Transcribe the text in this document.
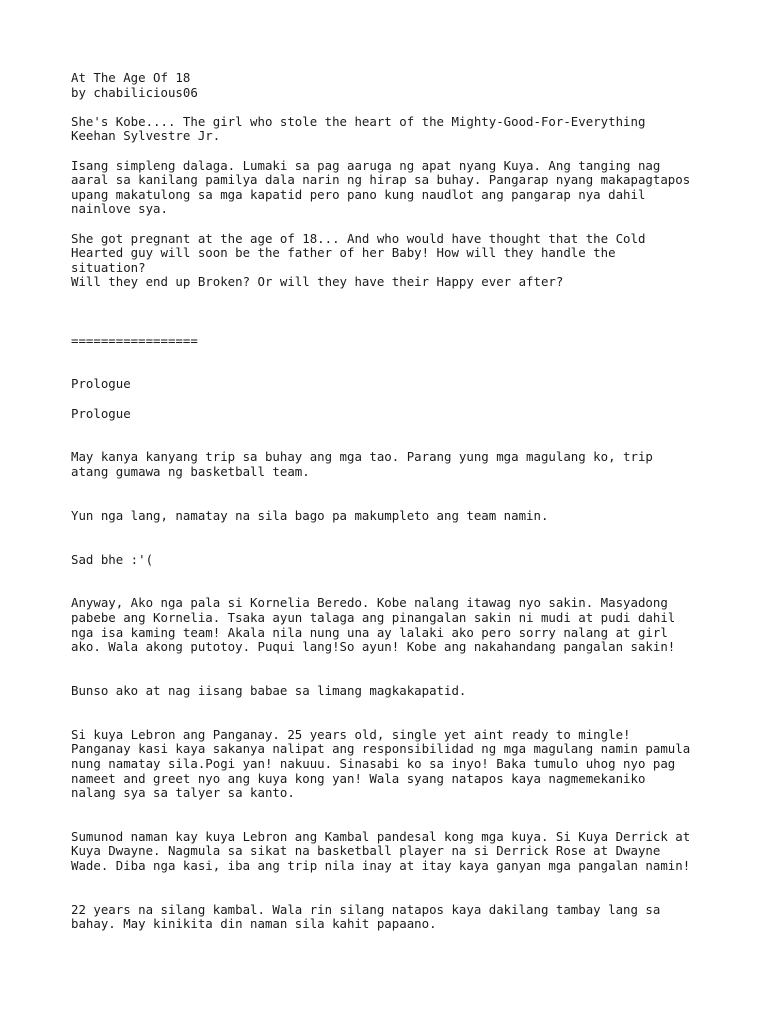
At The Age Of 18
by chabilicious06
She's Kobe.... The girl who stole the heart of the Mighty-Good-For-Everything
Keehan Sylvestre Jr.
Isang simpleng dalaga. Lumaki sa pag aaruga ng apat nyang Kuya. Ang tanging nag
aaral sa kanilang pamilya dala narin ng hirap sa buhay. Pangarap nyang makapagtapos
upang makatulong sa mga kapatid pero pano kung naudlot ang pangarap nya dahil
nainlove sya.
She got pregnant at the age of 18... And who would have thought that the Cold
Hearted guy will soon be the father of her Baby! How will they handle the
situation?
Will they end up Broken? Or will they have their Happy ever after?
=================
Prologue
Prologue
May kanya kanyang trip sa buhay ang mga tao. Parang yung mga magulang ko, trip
atang gumawa ng basketball team.
Yun nga lang, namatay na sila bago pa makumpleto ang team namin.
Sad bhe :'(
Anyway, Ako nga pala si Kornelia Beredo. Kobe nalang itawag nyo sakin. Masyadong
pabebe ang Kornelia. Tsaka ayun talaga ang pinangalan sakin ni mudi at pudi dahil
nga isa kaming team! Akala nila nung una ay lalaki ako pero sorry nalang at girl
ako. Wala akong putotoy. Puqui lang!So ayun! Kobe ang nakahandang pangalan sakin!
Bunso ako at nag iisang babae sa limang magkakapatid.
Si kuya Lebron ang Panganay. 25 years old, single yet aint ready to mingle!
Panganay kasi kaya sakanya nalipat ang responsibilidad ng mga magulang namin pamula
nung namatay sila.Pogi yan! nakuuu. Sinasabi ko sa inyo! Baka tumulo uhog nyo pag
nameet and greet nyo ang kuya kong yan! Wala syang natapos kaya nagmemekaniko
nalang sya sa talyer sa kanto.
Sumunod naman kay kuya Lebron ang Kambal pandesal kong mga kuya. Si Kuya Derrick at
Kuya Dwayne. Nagmula sa sikat na basketball player na si Derrick Rose at Dwayne
Wade. Diba nga kasi, iba ang trip nila inay at itay kaya ganyan mga pangalan namin!
22 years na silang kambal. Wala rin silang natapos kaya dakilang tambay lang sa
bahay. May kinikita din naman sila kahit papaano.
